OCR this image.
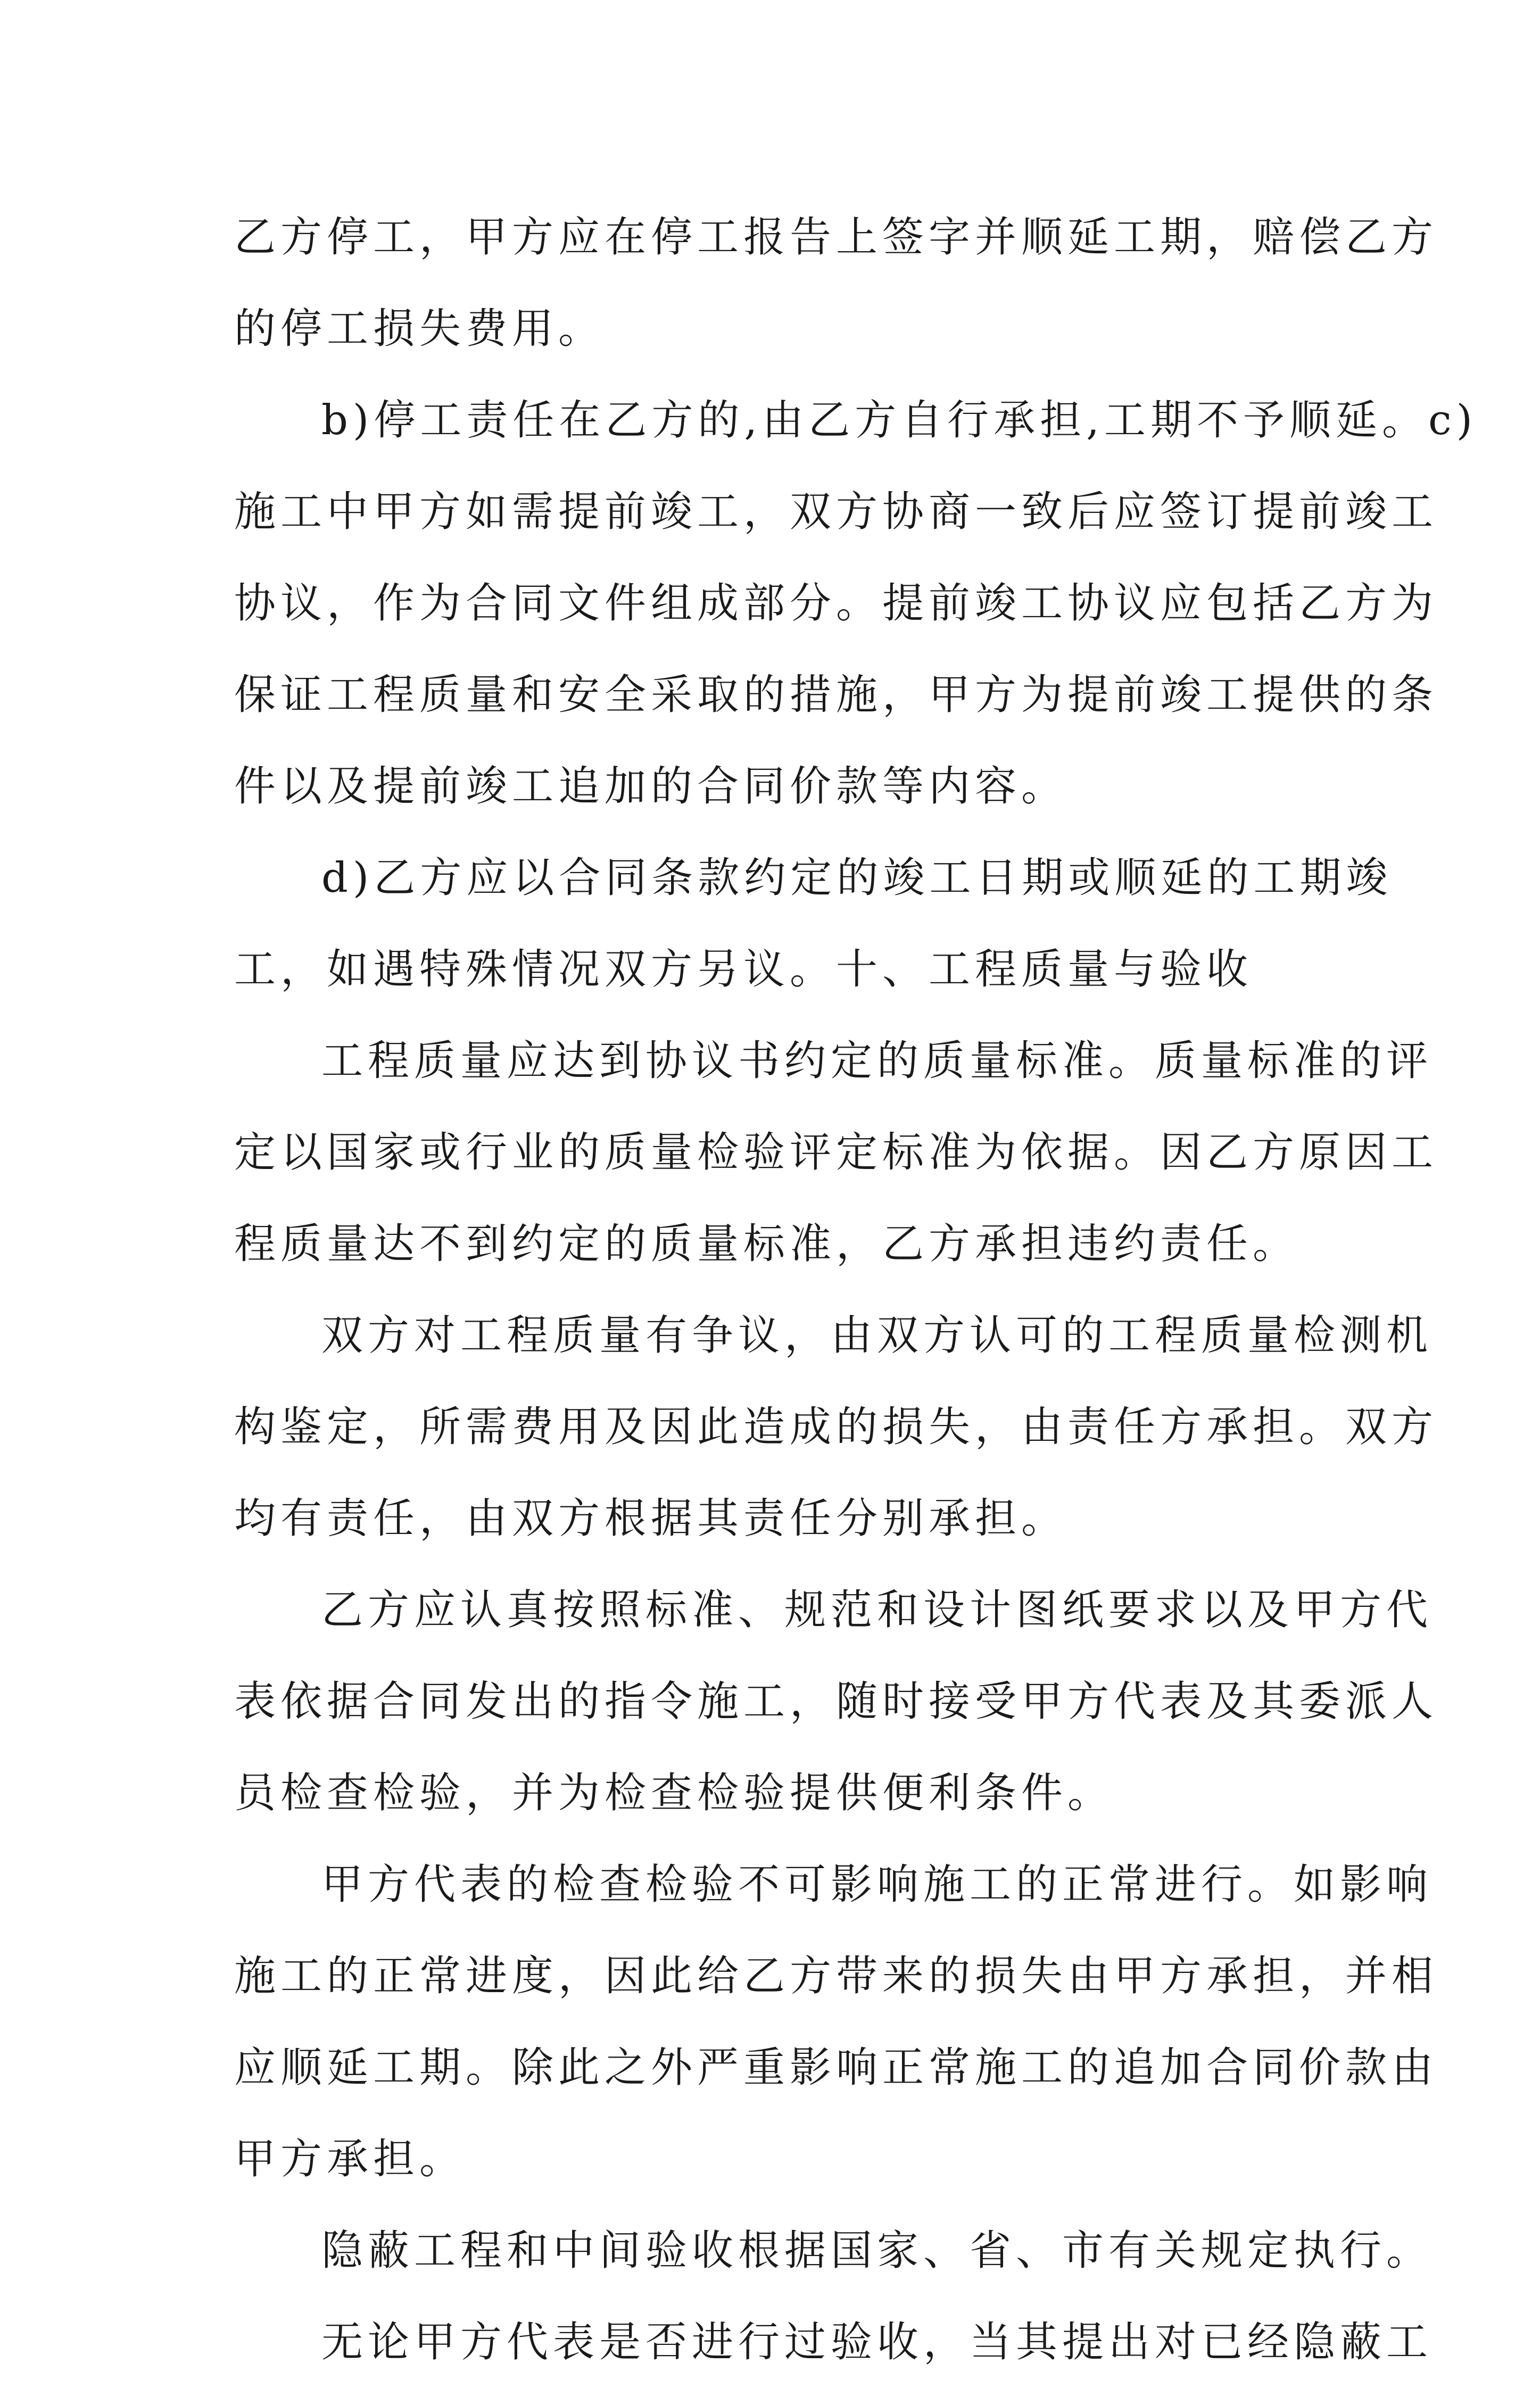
乙方停工，甲方应在停工报告上签字并顺延工期，赔偿乙方
的停工损失费用。
b)停工责任在乙方的,由乙方自行承担,工期不予顺延。c)
施工中甲方如需提前竣工，双方协商一致后应签订提前竣工
协议，作为合同文件组成部分。提前竣工协议应包括乙方为
保证工程质量和安全采取的措施，甲方为提前竣工提供的条
件以及提前竣工追加的合同价款等内容。
d)乙方应以合同条款约定的竣工日期或顺延的工期竣
工，如遇特殊情况双方另议。十、工程质量与验收
工程质量应达到协议书约定的质量标准。质量标准的评
定以国家或行业的质量检验评定标准为依据。因乙方原因工
程质量达不到约定的质量标准，乙方承担违约责任。
双方对工程质量有争议，由双方认可的工程质量检测机
构鉴定，所需费用及因此造成的损失，由责任方承担。双方
均有责任，由双方根据其责任分别承担。
乙方应认真按照标准、规范和设计图纸要求以及甲方代
表依据合同发出的指令施工，随时接受甲方代表及其委派人
员检查检验，并为检查检验提供便利条件。
甲方代表的检查检验不可影响施工的正常进行。如影响
施工的正常进度，因此给乙方带来的损失由甲方承担，并相
应顺延工期。除此之外严重影响正常施工的追加合同价款由
甲方承担。
隐蔽工程和中间验收根据国家、省、市有关规定执行。
无论甲方代表是否进行过验收，当其提出对已经隐蔽工
